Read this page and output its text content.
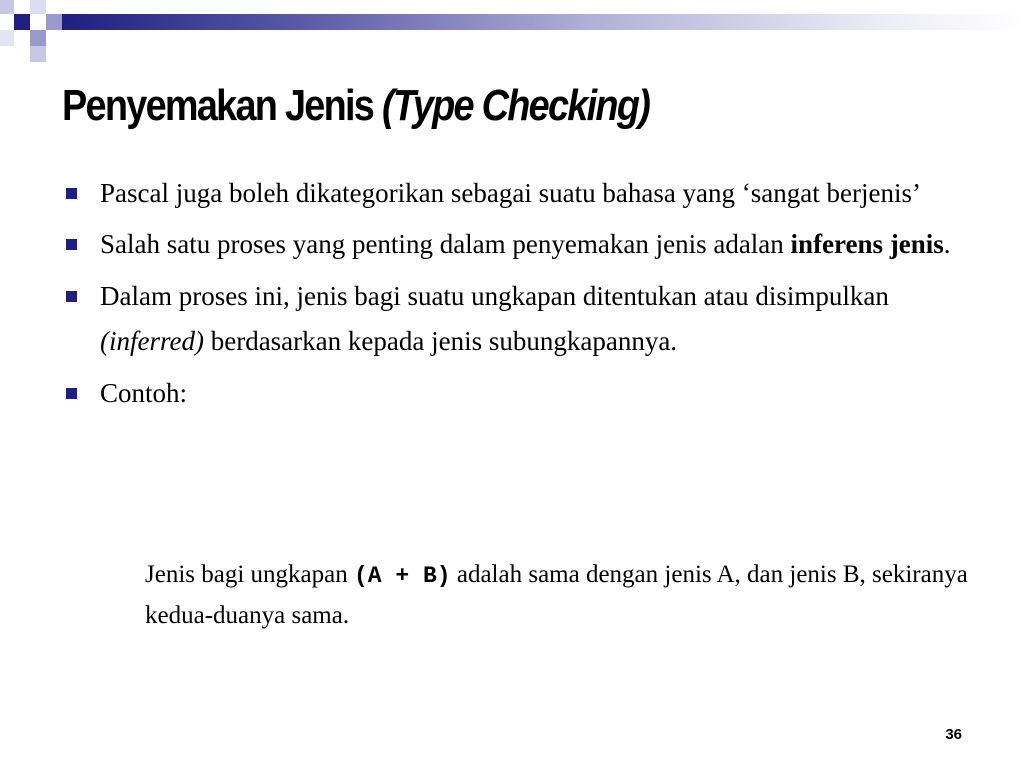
Penyemakan Jenis (Type Checking)
Pascal juga boleh dikategorikan sebagai suatu bahasa yang ‘sangat berjenis’
Salah satu proses yang penting dalam penyemakan jenis adalan inferens jenis.
Dalam proses ini, jenis bagi suatu ungkapan ditentukan atau disimpulkan (inferred) berdasarkan kepada jenis subungkapannya.
Contoh:

Jenis bagi ungkapan (A + B) adalah sama dengan jenis A, dan jenis B, sekiranya kedua-duanya sama.

36
